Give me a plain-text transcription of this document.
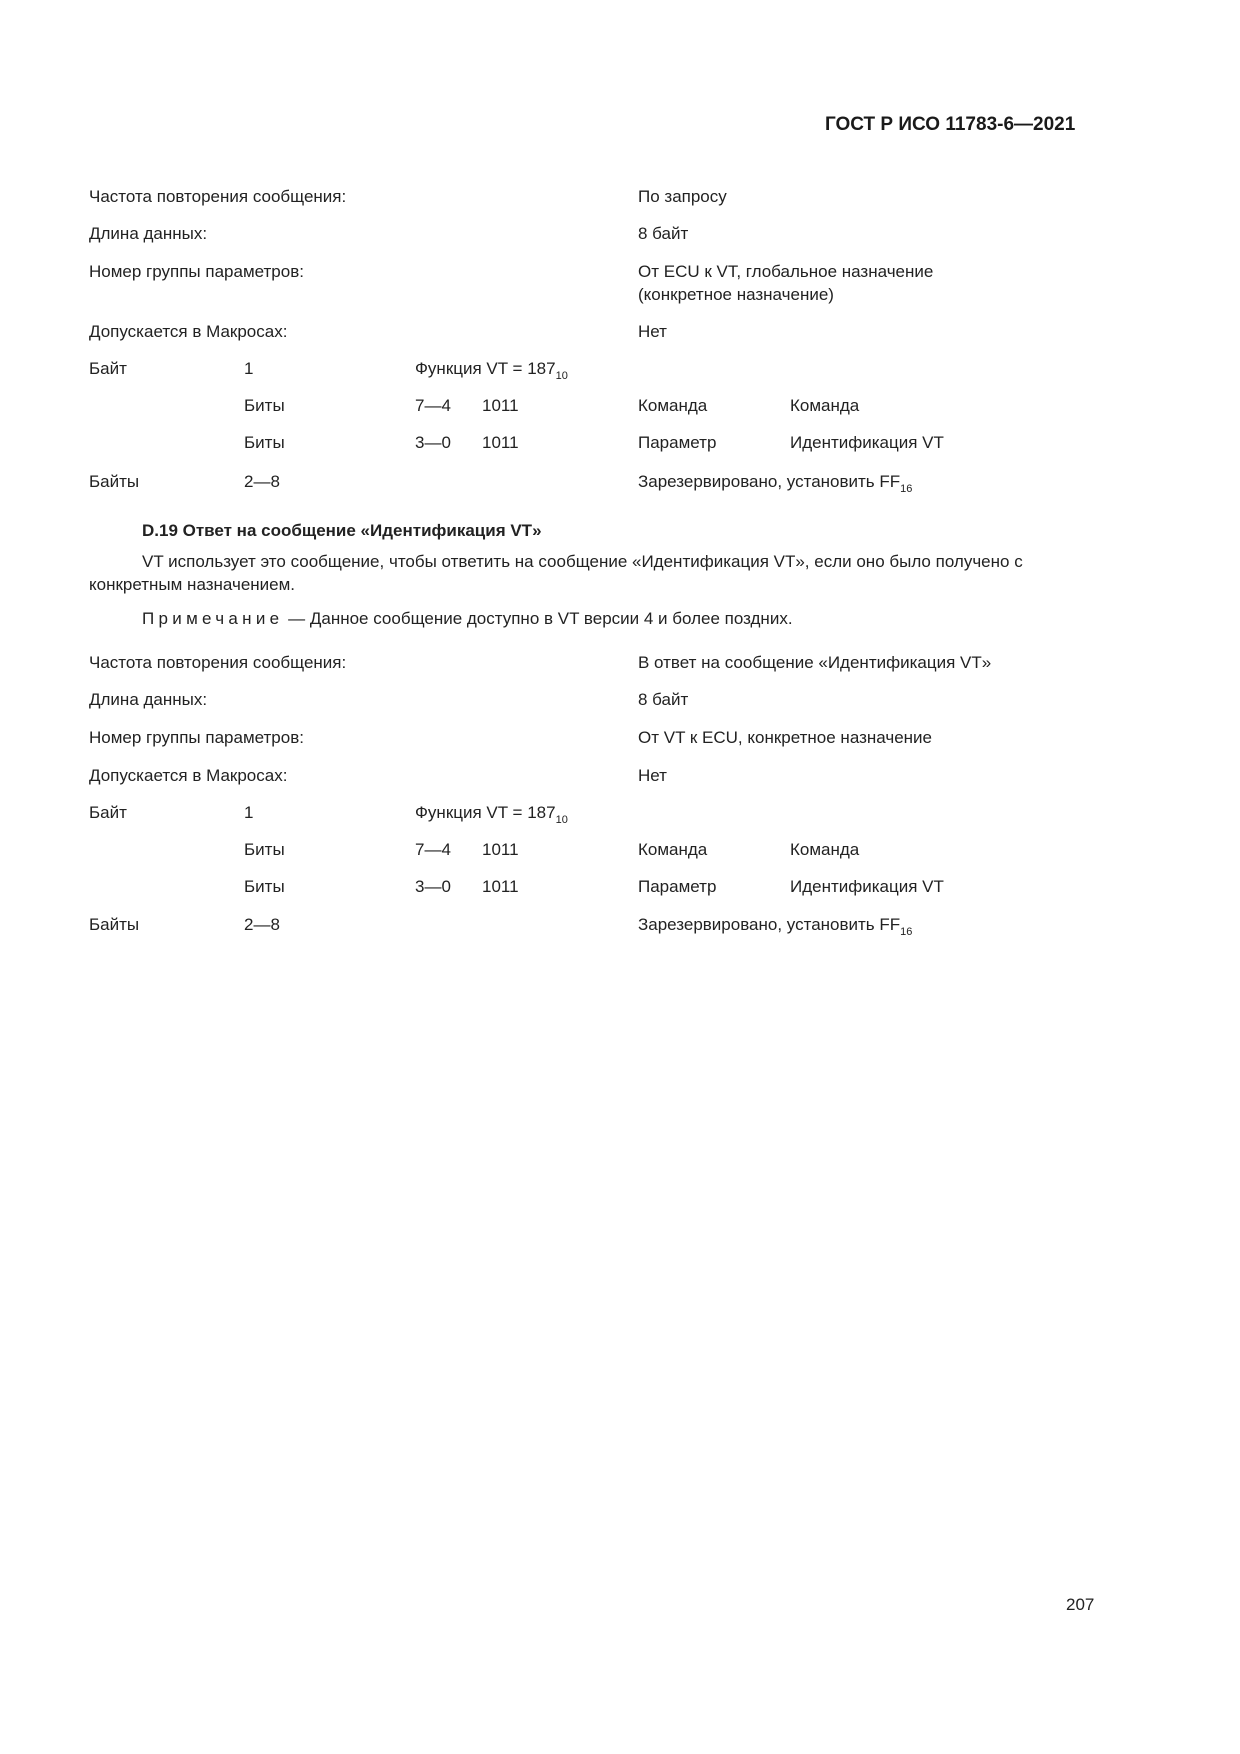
ГОСТ Р ИСО 11783-6—2021
Частота повторения сообщения:	По запросу
Длина данных:	8 байт
Номер группы параметров:	От ECU к VT, глобальное назначение
(конкретное назначение)
Допускается в Макросах:	Нет
Байт	1	Функция VT = $187_{10}$
Биты	7—4 1011	Команда	Команда
Биты	3—0 1011	Параметр	Идентификация VT
Байты	2—8	Зарезервировано, установить $FF_{16}$
D.19 Ответ на сообщение «Идентификация VT»
VT использует это сообщение, чтобы ответить на сообщение «Идентификация VT», если оно было получено с конкретным назначением.
Примечание — Данное сообщение доступно в VT версии 4 и более поздних.
Частота повторения сообщения:	В ответ на сообщение «Идентификация VT»
Длина данных:	8 байт
Номер группы параметров:	От VT к ECU, конкретное назначение
Допускается в Макросах:	Нет
Байт	1	Функция VT = $187_{10}$
Биты	7—4 1011	Команда	Команда
Биты	3—0 1011	Параметр	Идентификация VT
Байты	2—8	Зарезервировано, установить $FF_{16}$
207
